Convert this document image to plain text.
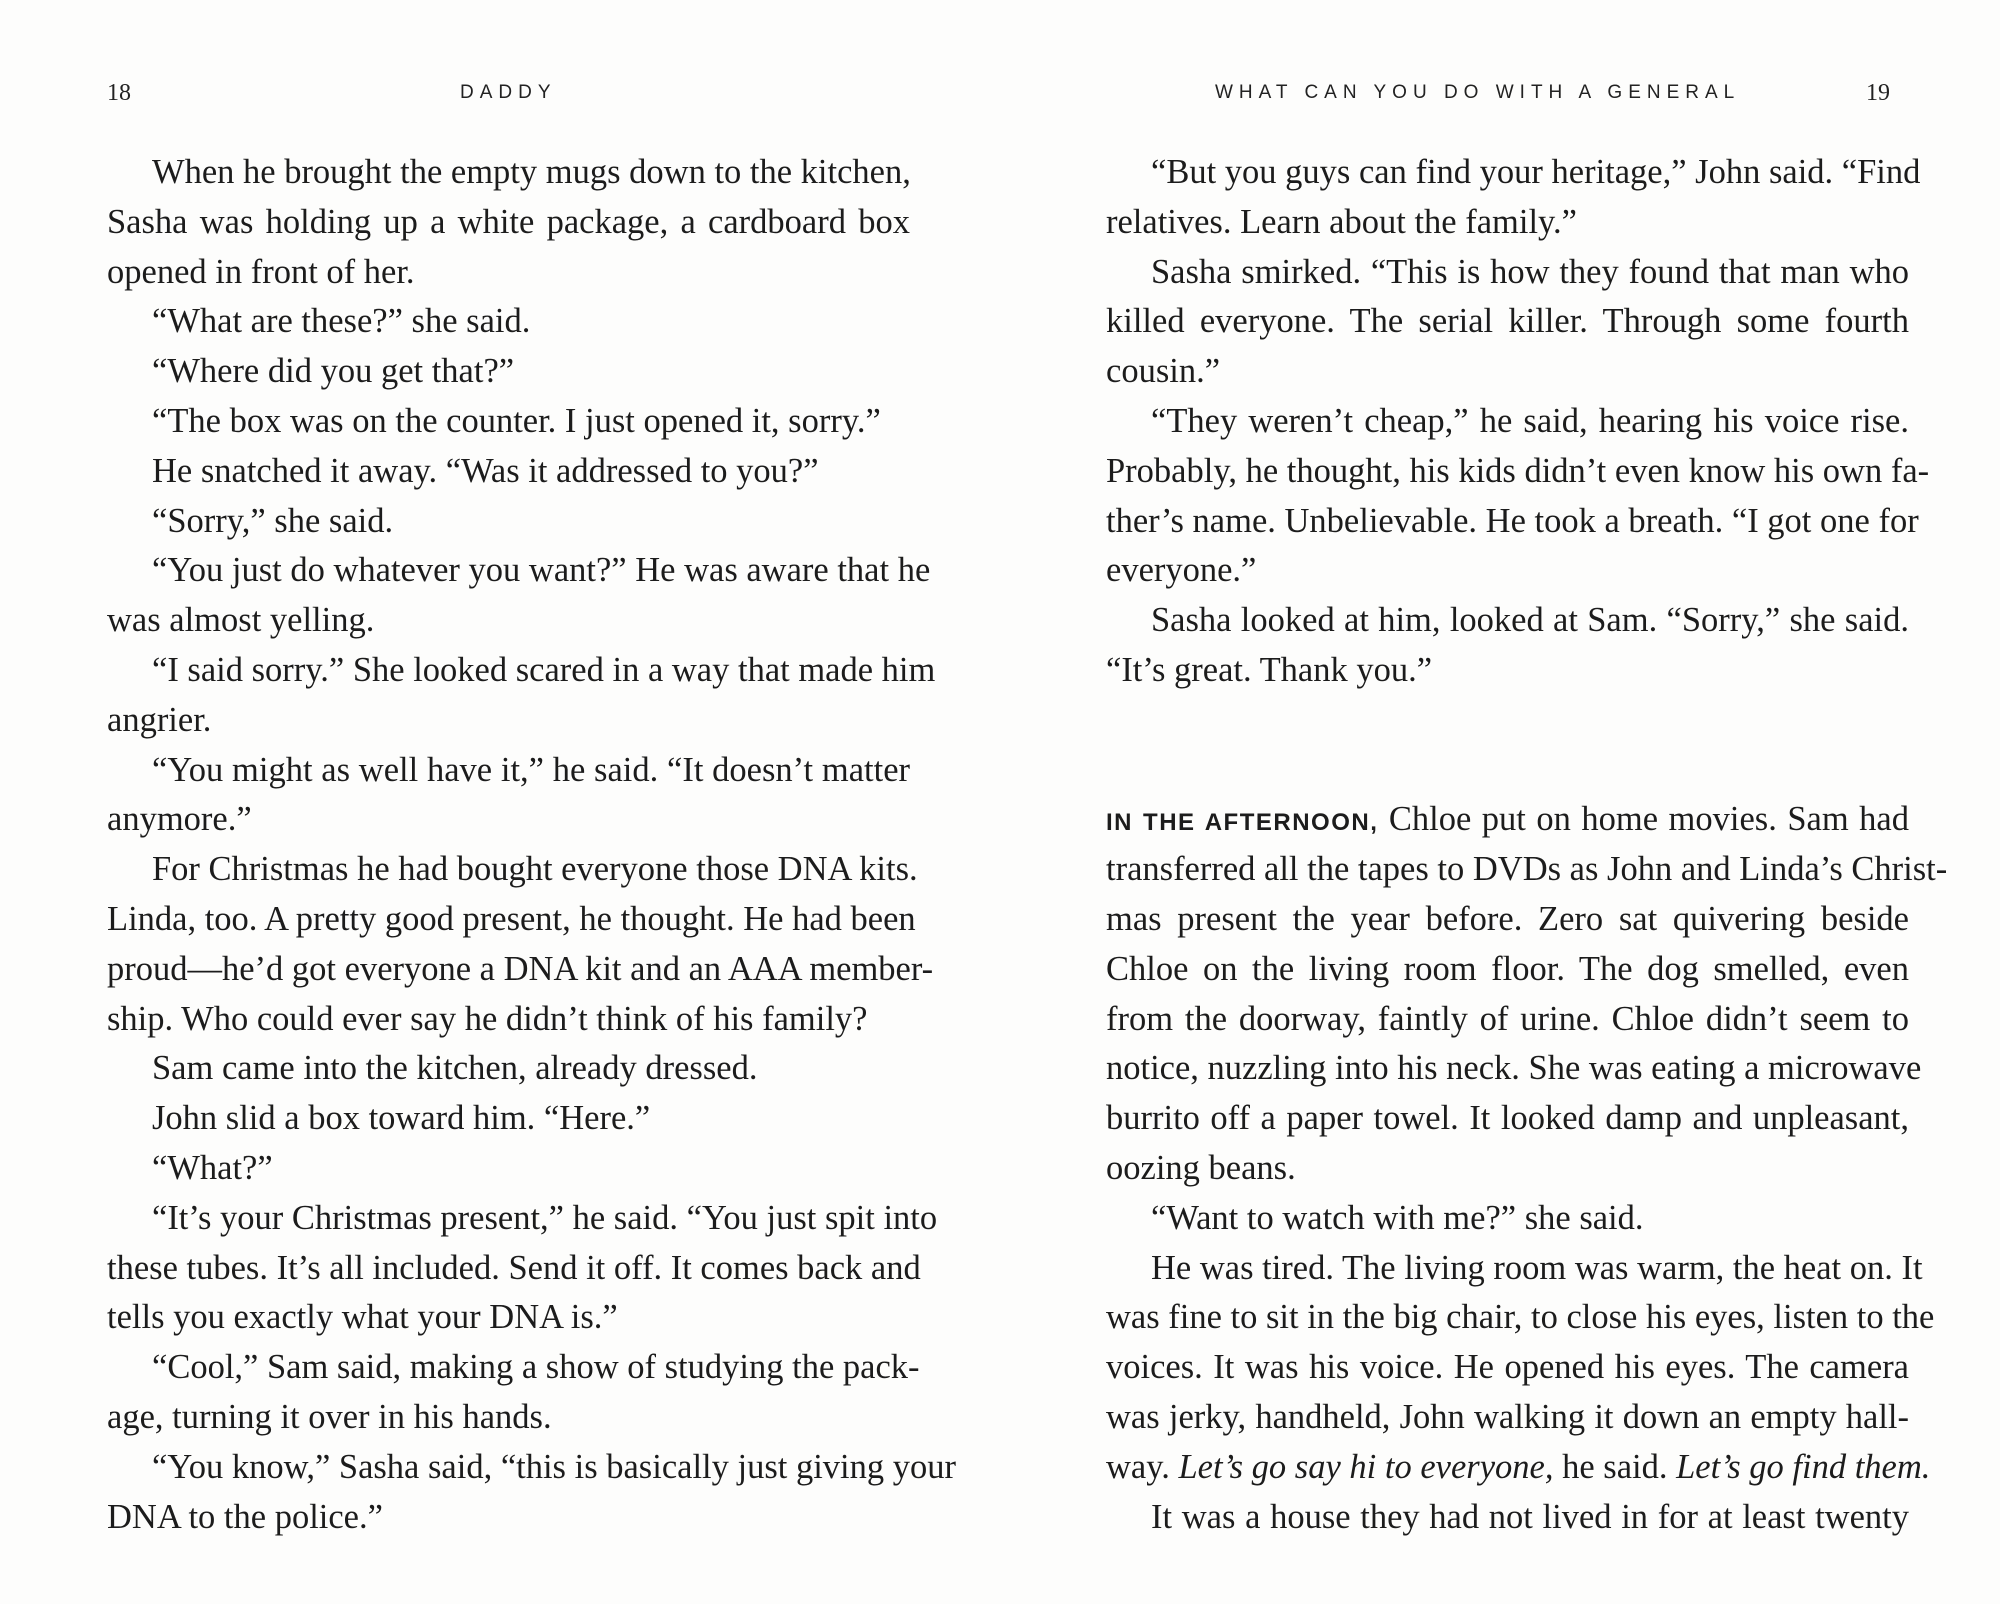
18	DADDY
When he brought the empty mugs down to the kitchen,
Sasha was holding up a white package, a cardboard box
opened in front of her.
“What are these?” she said.
“Where did you get that?”
“The box was on the counter. I just opened it, sorry.”
He snatched it away. “Was it addressed to you?”
“Sorry,” she said.
“You just do whatever you want?” He was aware that he
was almost yelling.
“I said sorry.” She looked scared in a way that made him
angrier.
“You might as well have it,” he said. “It doesn’t matter
anymore.”
For Christmas he had bought everyone those DNA kits.
Linda, too. A pretty good present, he thought. He had been
proud—he’d got everyone a DNA kit and an AAA member-
ship. Who could ever say he didn’t think of his family?
Sam came into the kitchen, already dressed.
John slid a box toward him. “Here.”
“What?”
“It’s your Christmas present,” he said. “You just spit into
these tubes. It’s all included. Send it off. It comes back and
tells you exactly what your DNA is.”
“Cool,” Sam said, making a show of studying the pack-
age, turning it over in his hands.
“You know,” Sasha said, “this is basically just giving your
DNA to the police.”
WHAT CAN YOU DO WITH A GENERAL	19
“But you guys can find your heritage,” John said. “Find
relatives. Learn about the family.”
Sasha smirked. “This is how they found that man who
killed everyone. The serial killer. Through some fourth
cousin.”
“They weren’t cheap,” he said, hearing his voice rise.
Probably, he thought, his kids didn’t even know his own fa-
ther’s name. Unbelievable. He took a breath. “I got one for
everyone.”
Sasha looked at him, looked at Sam. “Sorry,” she said.
“It’s great. Thank you.”
IN THE AFTERNOON, Chloe put on home movies. Sam had
transferred all the tapes to DVDs as John and Linda’s Christ-
mas present the year before. Zero sat quivering beside
Chloe on the living room floor. The dog smelled, even
from the doorway, faintly of urine. Chloe didn’t seem to
notice, nuzzling into his neck. She was eating a microwave
burrito off a paper towel. It looked damp and unpleasant,
oozing beans.
“Want to watch with me?” she said.
He was tired. The living room was warm, the heat on. It
was fine to sit in the big chair, to close his eyes, listen to the
voices. It was his voice. He opened his eyes. The camera
was jerky, handheld, John walking it down an empty hall-
way. Let’s go say hi to everyone, he said. Let’s go find them.
It was a house they had not lived in for at least twenty
